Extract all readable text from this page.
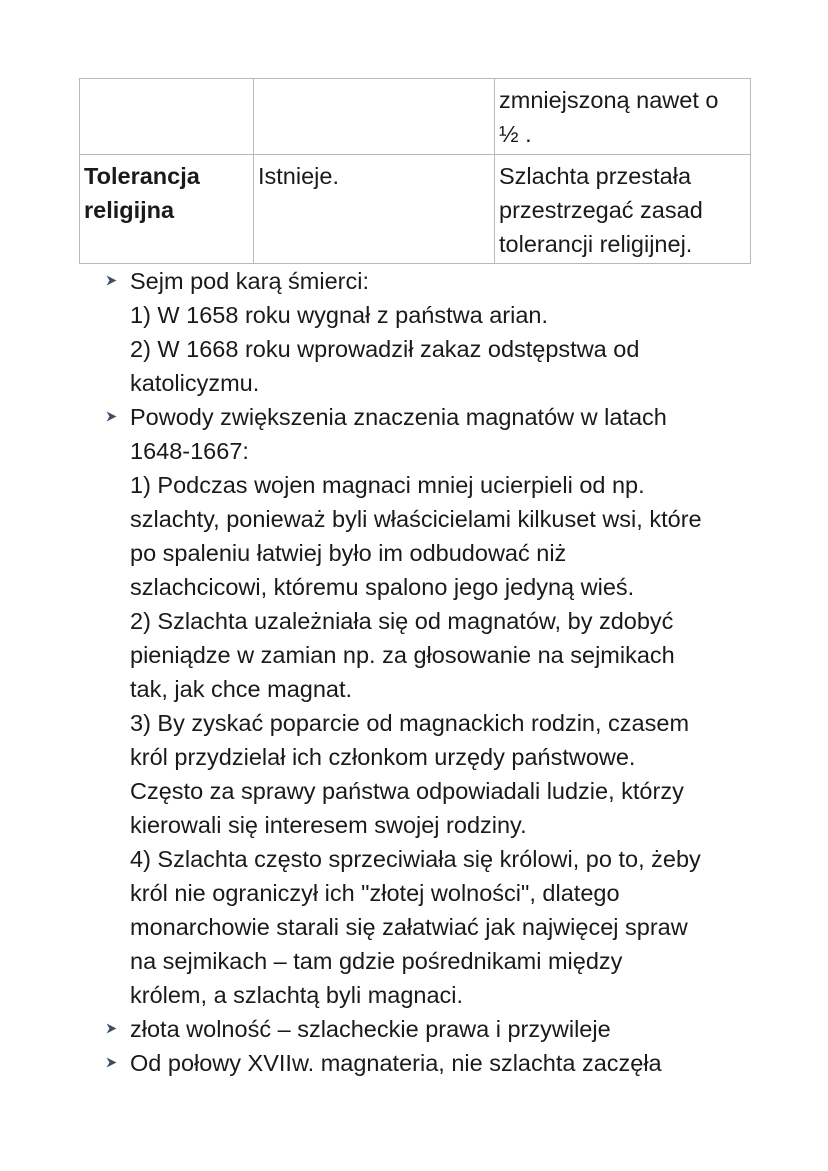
		zmniejszoną nawet o
½ .

Tolerancja
religijna	Istnieje.	Szlachta przestała
przestrzegać zasad
tolerancji religijnej.
Sejm pod karą śmierci:
1) W 1658 roku wygnał z państwa arian.
2) W 1668 roku wprowadził zakaz odstępstwa od
katolicyzmu.
Powody zwiększenia znaczenia magnatów w latach
1648-1667:
1) Podczas wojen magnaci mniej ucierpieli od np.
szlachty, ponieważ byli właścicielami kilkuset wsi, które
po spaleniu łatwiej było im odbudować niż
szlachcicowi, któremu spalono jego jedyną wieś.
2) Szlachta uzależniała się od magnatów, by zdobyć
pieniądze w zamian np. za głosowanie na sejmikach
tak, jak chce magnat.
3) By zyskać poparcie od magnackich rodzin, czasem
król przydzielał ich członkom urzędy państwowe.
Często za sprawy państwa odpowiadali ludzie, którzy
kierowali się interesem swojej rodziny.
4) Szlachta często sprzeciwiała się królowi, po to, żeby
król nie ograniczył ich "złotej wolności", dlatego
monarchowie starali się załatwiać jak najwięcej spraw
na sejmikach – tam gdzie pośrednikami między
królem, a szlachtą byli magnaci.
złota wolność – szlacheckie prawa i przywileje
Od połowy XVIIw. magnateria, nie szlachta zaczęła
